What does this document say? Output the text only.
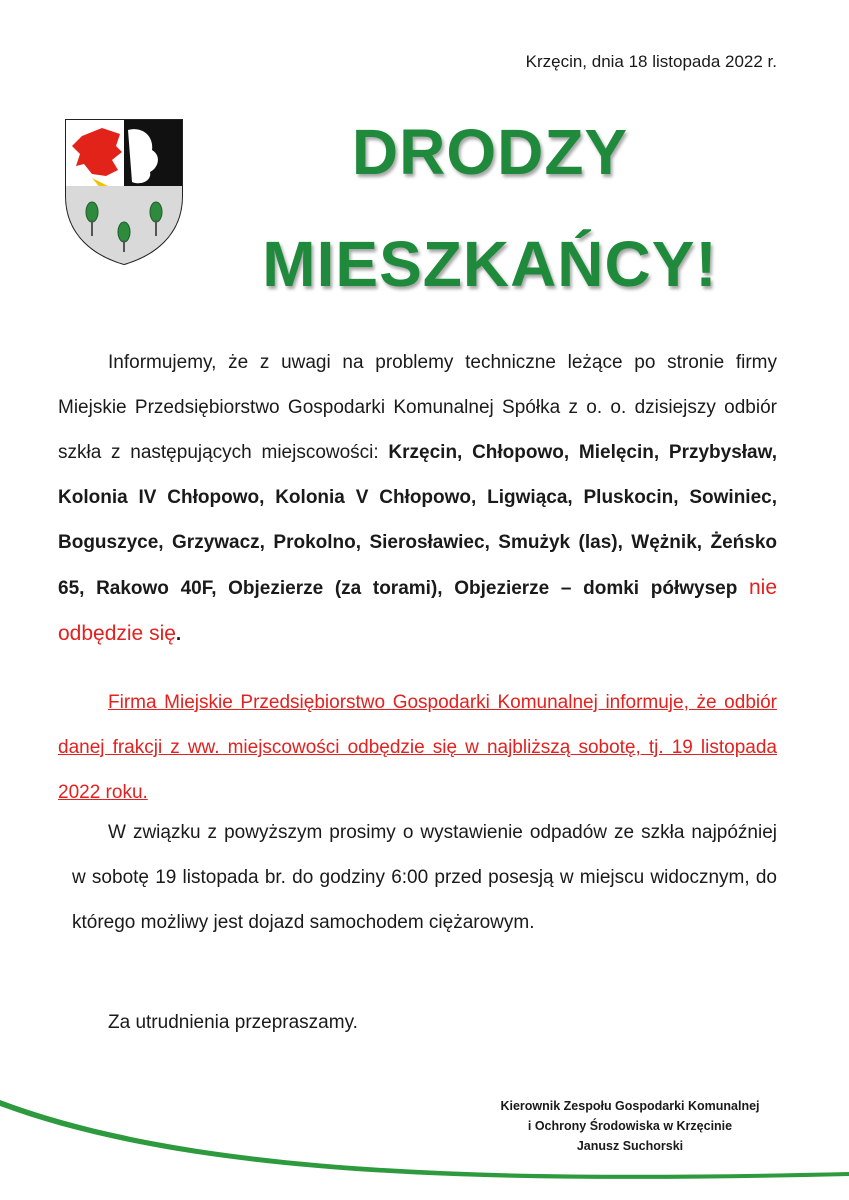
Krzęcin, dnia 18 listopada 2022 r.
DRODZY
MIESZKAŃCY!

Informujemy, że z uwagi na problemy techniczne leżące po stronie firmy Miejskie Przedsiębiorstwo Gospodarki Komunalnej Spółka z o. o. dzisiejszy odbiór szkła z następujących miejscowości: Krzęcin, Chłopowo, Mielęcin, Przybysław, Kolonia IV Chłopowo, Kolonia V Chłopowo, Ligwiąca, Pluskocin, Sowiniec, Boguszyce, Grzywacz, Prokolno, Sierosławiec, Smużyk (las), Wężnik, Żeńsko 65, Rakowo 40F, Objezierze (za torami), Objezierze – domki półwysep nie odbędzie się.

Firma Miejskie Przedsiębiorstwo Gospodarki Komunalnej informuje, że odbiór danej frakcji z ww. miejscowości odbędzie się w najbliższą sobotę, tj. 19 listopada 2022 roku.

W związku z powyższym prosimy o wystawienie odpadów ze szkła najpóźniej w sobotę 19 listopada br. do godziny 6:00 przed posesją w miejscu widocznym, do którego możliwy jest dojazd samochodem ciężarowym.

Za utrudnienia przepraszamy.

Kierownik Zespołu Gospodarki Komunalnej
i Ochrony Środowiska w Krzęcinie
Janusz Suchorski
